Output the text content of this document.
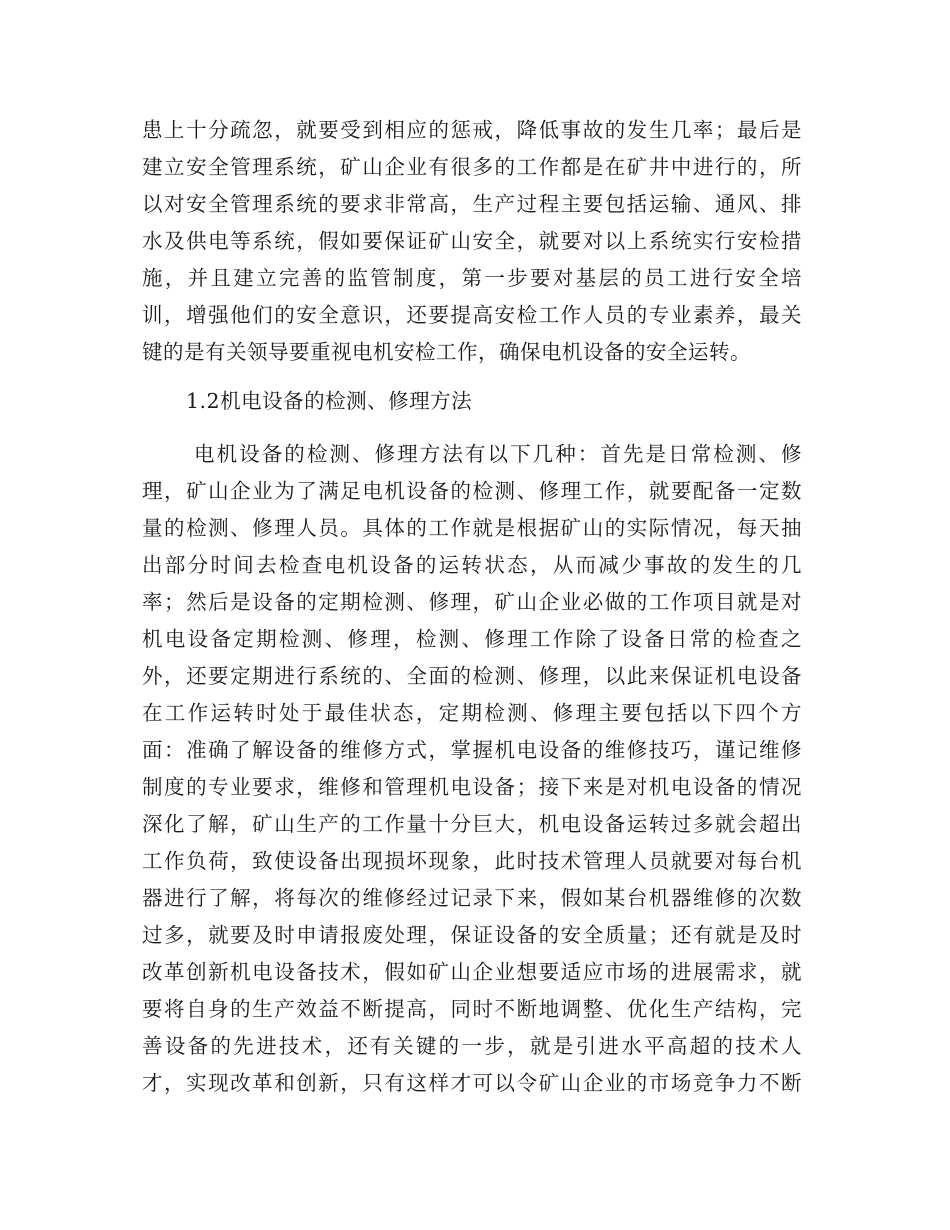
患上十分疏忽，就要受到相应的惩戒，降低事故的发生几率；最后是
建立安全管理系统，矿山企业有很多的工作都是在矿井中进行的，所
以对安全管理系统的要求非常高，生产过程主要包括运输、通风、排
水及供电等系统，假如要保证矿山安全，就要对以上系统实行安检措
施，并且建立完善的监管制度，第一步要对基层的员工进行安全培
训，增强他们的安全意识，还要提高安检工作人员的专业素养，最关
键的是有关领导要重视电机安检工作，确保电机设备的安全运转。
1.2机电设备的检测、修理方法
电机设备的检测、修理方法有以下几种：首先是日常检测、修
理，矿山企业为了满足电机设备的检测、修理工作，就要配备一定数
量的检测、修理人员。具体的工作就是根据矿山的实际情况，每天抽
出部分时间去检查电机设备的运转状态，从而减少事故的发生的几
率；然后是设备的定期检测、修理，矿山企业必做的工作项目就是对
机电设备定期检测、修理，检测、修理工作除了设备日常的检查之
外，还要定期进行系统的、全面的检测、修理，以此来保证机电设备
在工作运转时处于最佳状态，定期检测、修理主要包括以下四个方
面：准确了解设备的维修方式，掌握机电设备的维修技巧，谨记维修
制度的专业要求，维修和管理机电设备；接下来是对机电设备的情况
深化了解，矿山生产的工作量十分巨大，机电设备运转过多就会超出
工作负荷，致使设备出现损坏现象，此时技术管理人员就要对每台机
器进行了解，将每次的维修经过记录下来，假如某台机器维修的次数
过多，就要及时申请报废处理，保证设备的安全质量；还有就是及时
改革创新机电设备技术，假如矿山企业想要适应市场的进展需求，就
要将自身的生产效益不断提高，同时不断地调整、优化生产结构，完
善设备的先进技术，还有关键的一步，就是引进水平高超的技术人
才，实现改革和创新，只有这样才可以令矿山企业的市场竞争力不断
